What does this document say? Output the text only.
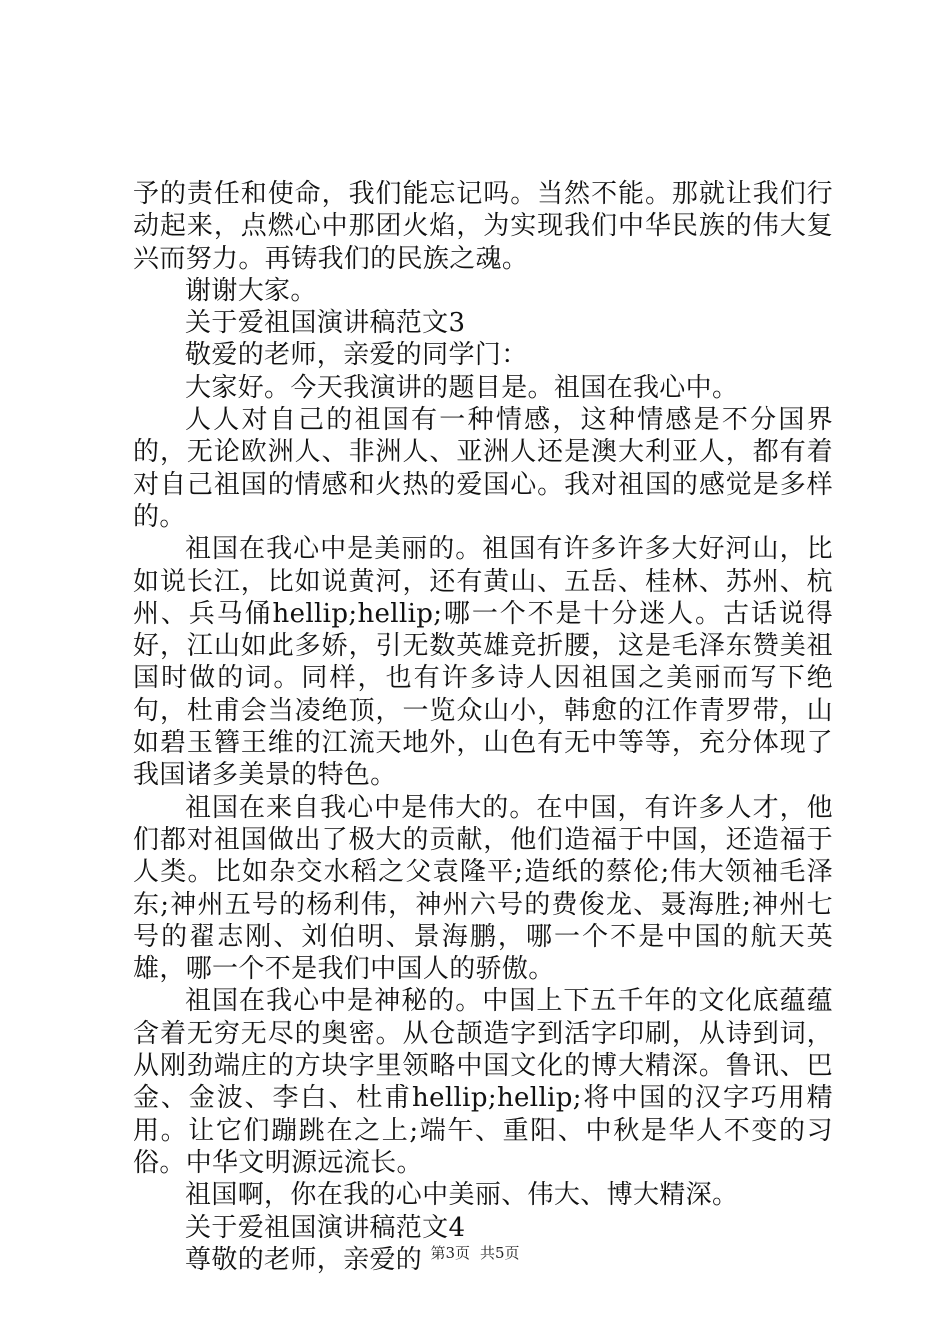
予的责任和使命，我们能忘记吗。当然不能。那就让我们行动起来，点燃心中那团火焰，为实现我们中华民族的伟大复兴而努力。再铸我们的民族之魂。

谢谢大家。

关于爱祖国演讲稿范文3

敬爱的老师，亲爱的同学门：

大家好。今天我演讲的题目是。祖国在我心中。

人人对自己的祖国有一种情感，这种情感是不分国界的，无论欧洲人、非洲人、亚洲人还是澳大利亚人，都有着对自己祖国的情感和火热的爱国心。我对祖国的感觉是多样的。

祖国在我心中是美丽的。祖国有许多许多大好河山，比如说长江，比如说黄河，还有黄山、五岳、桂林、苏州、杭州、兵马俑hellip;hellip;哪一个不是十分迷人。古话说得好，江山如此多娇，引无数英雄竞折腰，这是毛泽东赞美祖国时做的词。同样，也有许多诗人因祖国之美丽而写下绝句，杜甫会当凌绝顶，一览众山小，韩愈的江作青罗带，山如碧玉簪王维的江流天地外，山色有无中等等，充分体现了我国诸多美景的特色。

祖国在来自我心中是伟大的。在中国，有许多人才，他们都对祖国做出了极大的贡献，他们造福于中国，还造福于人类。比如杂交水稻之父袁隆平;造纸的蔡伦;伟大领袖毛泽东;神州五号的杨利伟，神州六号的费俊龙、聂海胜;神州七号的翟志刚、刘伯明、景海鹏，哪一个不是中国的航天英雄，哪一个不是我们中国人的骄傲。

祖国在我心中是神秘的。中国上下五千年的文化底蕴蕴含着无穷无尽的奥密。从仓颉造字到活字印刷，从诗到词，从刚劲端庄的方块字里领略中国文化的博大精深。鲁讯、巴金、金波、李白、杜甫hellip;hellip;将中国的汉字巧用精用。让它们蹦跳在之上;端午、重阳、中秋是华人不变的习俗。中华文明源远流长。

祖国啊，你在我的心中美丽、伟大、博大精深。

关于爱祖国演讲稿范文4

尊敬的老师，亲爱的 第3页 共5页
